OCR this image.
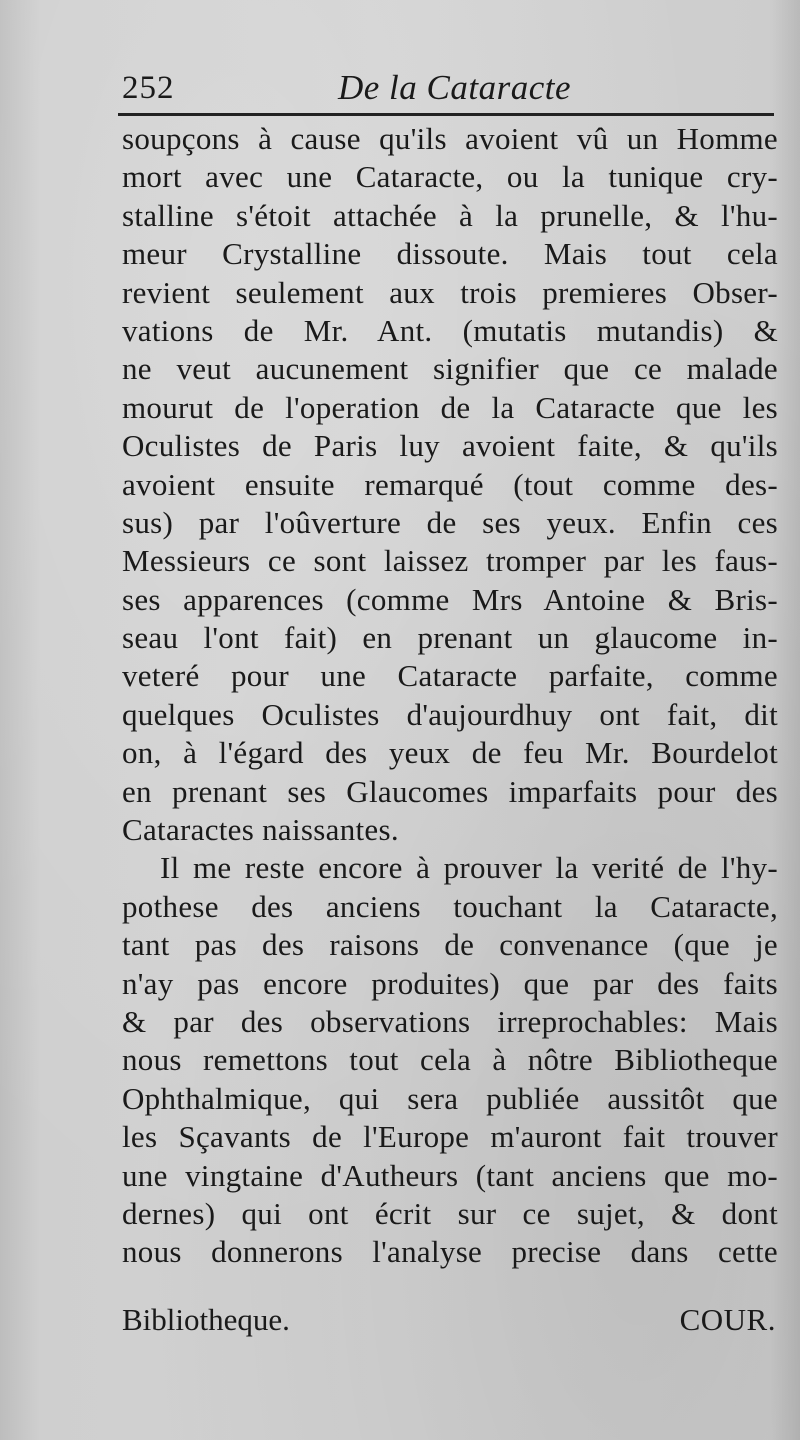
252	De la Cataracte
soupçons à cause qu'ils avoient vû un Homme
mort avec une Cataracte, ou la tunique cry-
stalline s'étoit attachée à la prunelle, & l'hu-
meur Crystalline dissoute. Mais tout cela
revient seulement aux trois premieres Obser-
vations de Mr. Ant. (mutatis mutandis) &
ne veut aucunement signifier que ce malade
mourut de l'operation de la Cataracte que les
Oculistes de Paris luy avoient faite, & qu'ils
avoient ensuite remarqué (tout comme des-
sus) par l'oûverture de ses yeux. Enfin ces
Messieurs ce sont laissez tromper par les faus-
ses apparences (comme Mrs Antoine & Bris-
seau l'ont fait) en prenant un glaucome in-
veteré pour une Cataracte parfaite, comme
quelques Oculistes d'aujourdhuy ont fait, dit
on, à l'égard des yeux de feu Mr. Bourdelot
en prenant ses Glaucomes imparfaits pour des
Cataractes naissantes.
Il me reste encore à prouver la verité de l'hy-
pothese des anciens touchant la Cataracte,
tant pas des raisons de convenance (que je
n'ay pas encore produites) que par des faits
& par des observations irreprochables: Mais
nous remettons tout cela à nôtre Bibliotheque
Ophthalmique, qui sera publiée aussitôt que
les Sçavants de l'Europe m'auront fait trouver
une vingtaine d'Autheurs (tant anciens que mo-
dernes) qui ont écrit sur ce sujet, & dont
nous donnerons l'analyse precise dans cette
Bibliotheque.	COUR.
